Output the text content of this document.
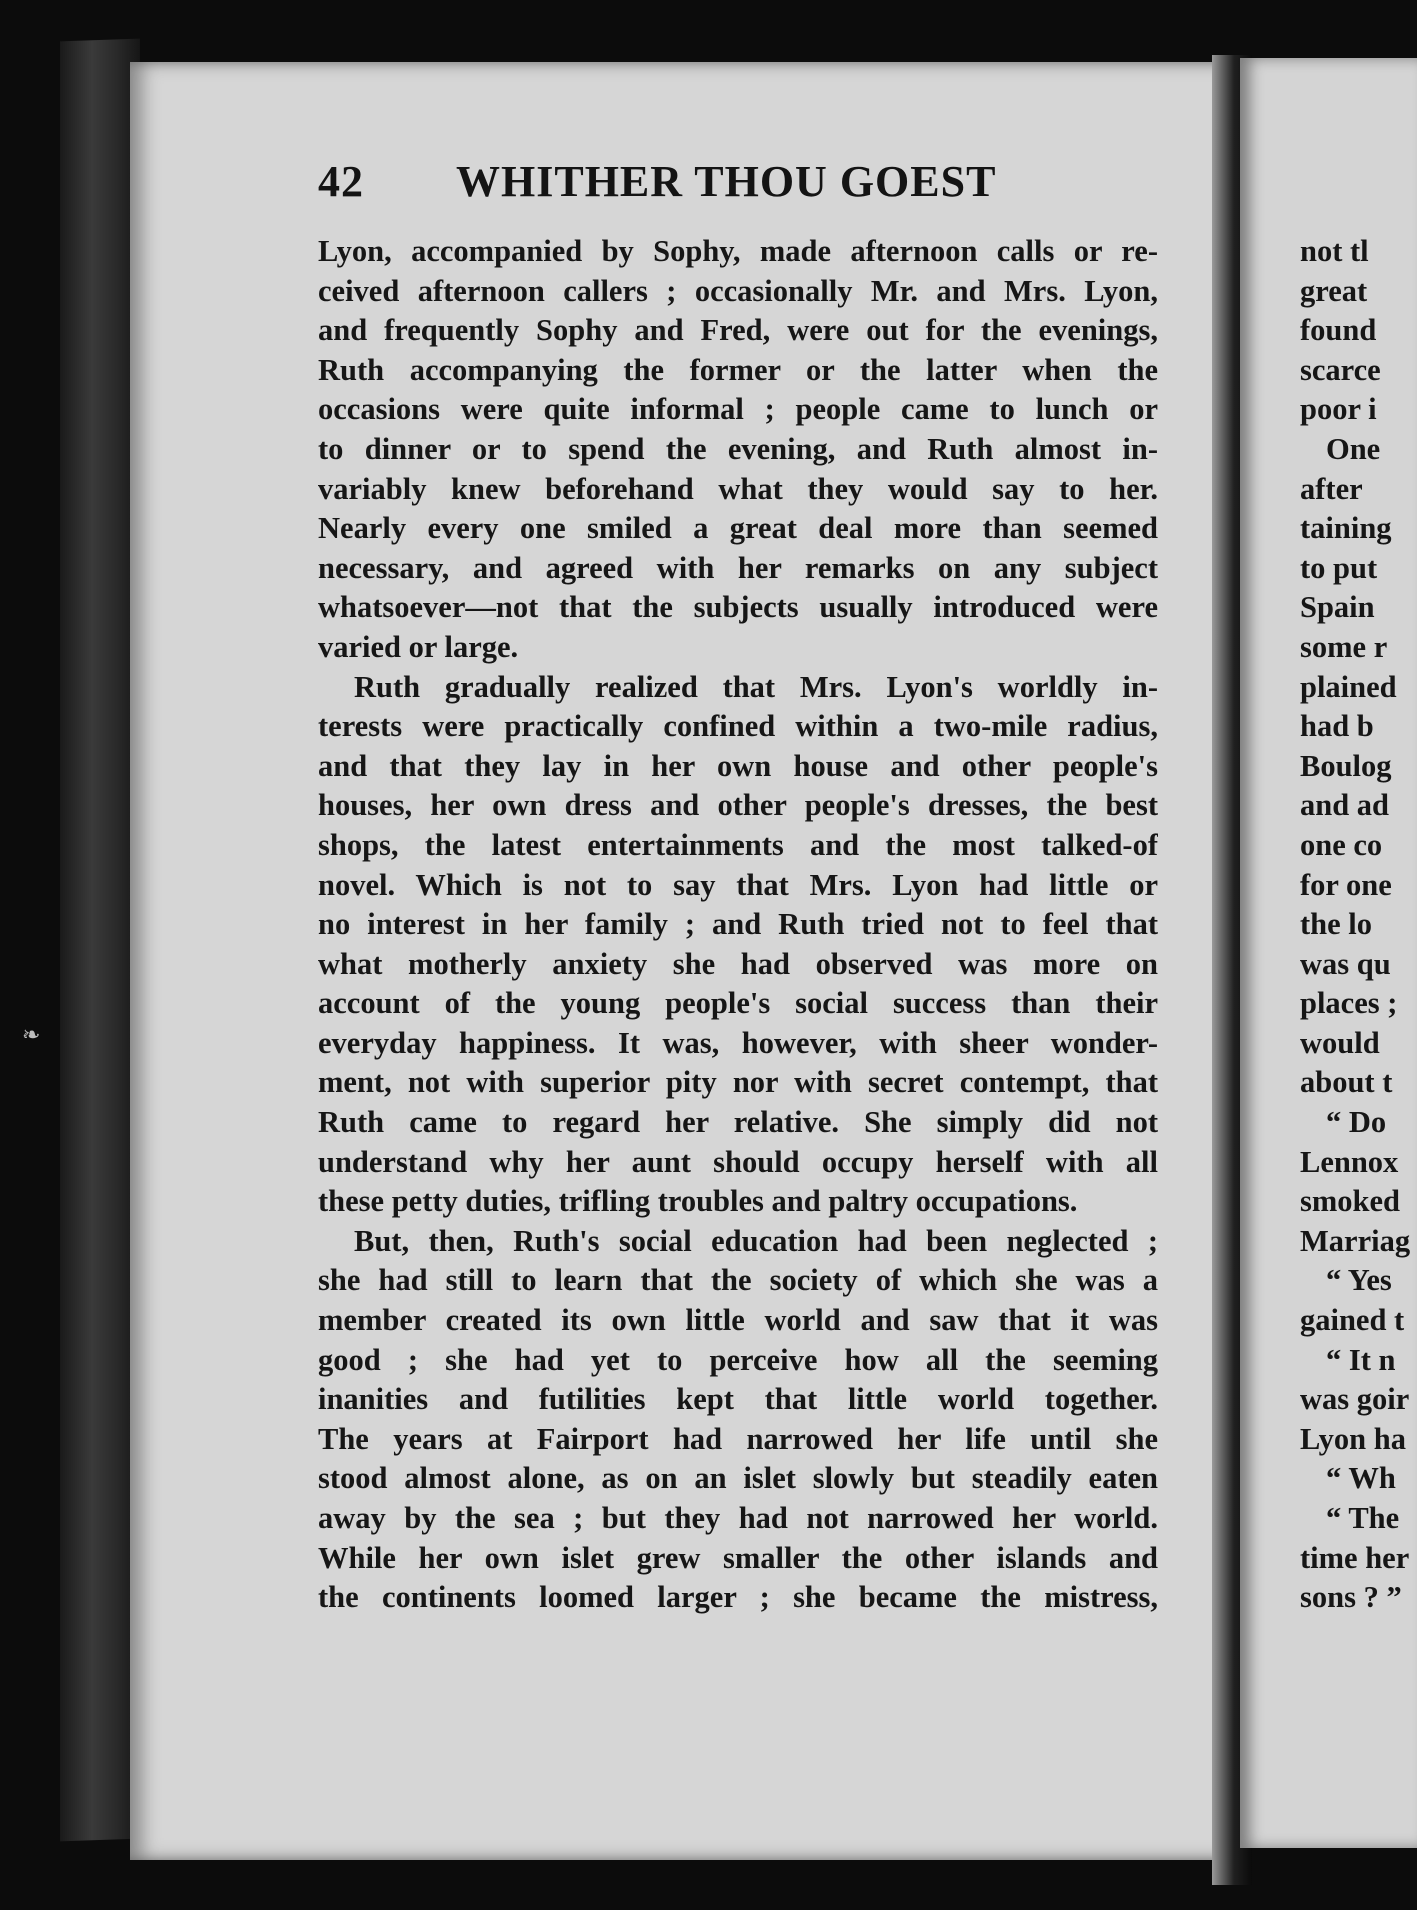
❧
42 WHITHER THOU GOEST
Lyon, accompanied by Sophy, made afternoon calls or re-
ceived afternoon callers ; occasionally Mr. and Mrs. Lyon,
and frequently Sophy and Fred, were out for the evenings,
Ruth accompanying the former or the latter when the
occasions were quite informal ; people came to lunch or
to dinner or to spend the evening, and Ruth almost in-
variably knew beforehand what they would say to her.
Nearly every one smiled a great deal more than seemed
necessary, and agreed with her remarks on any subject
whatsoever—not that the subjects usually introduced were
varied or large.
Ruth gradually realized that Mrs. Lyon's worldly in-
terests were practically confined within a two-mile radius,
and that they lay in her own house and other people's
houses, her own dress and other people's dresses, the best
shops, the latest entertainments and the most talked-of
novel. Which is not to say that Mrs. Lyon had little or
no interest in her family ; and Ruth tried not to feel that
what motherly anxiety she had observed was more on
account of the young people's social success than their
everyday happiness. It was, however, with sheer wonder-
ment, not with superior pity nor with secret contempt, that
Ruth came to regard her relative. She simply did not
understand why her aunt should occupy herself with all
these petty duties, trifling troubles and paltry occupations.
But, then, Ruth's social education had been neglected ;
she had still to learn that the society of which she was a
member created its own little world and saw that it was
good ; she had yet to perceive how all the seeming
inanities and futilities kept that little world together.
The years at Fairport had narrowed her life until she
stood almost alone, as on an islet slowly but steadily eaten
away by the sea ; but they had not narrowed her world.
While her own islet grew smaller the other islands and
the continents loomed larger ; she became the mistress,
not tl
great
found
scarce
poor i
One
after
taining
to put
Spain
some r
plained
had b
Boulog
and ad
one co
for one
the lo
was qu
places ;
would
about t
“ Do
Lennox
smoked
Marriag
“ Yes
gained t
“ It n
was goir
Lyon ha
“ Wh
“ The
time her
sons ? ”
